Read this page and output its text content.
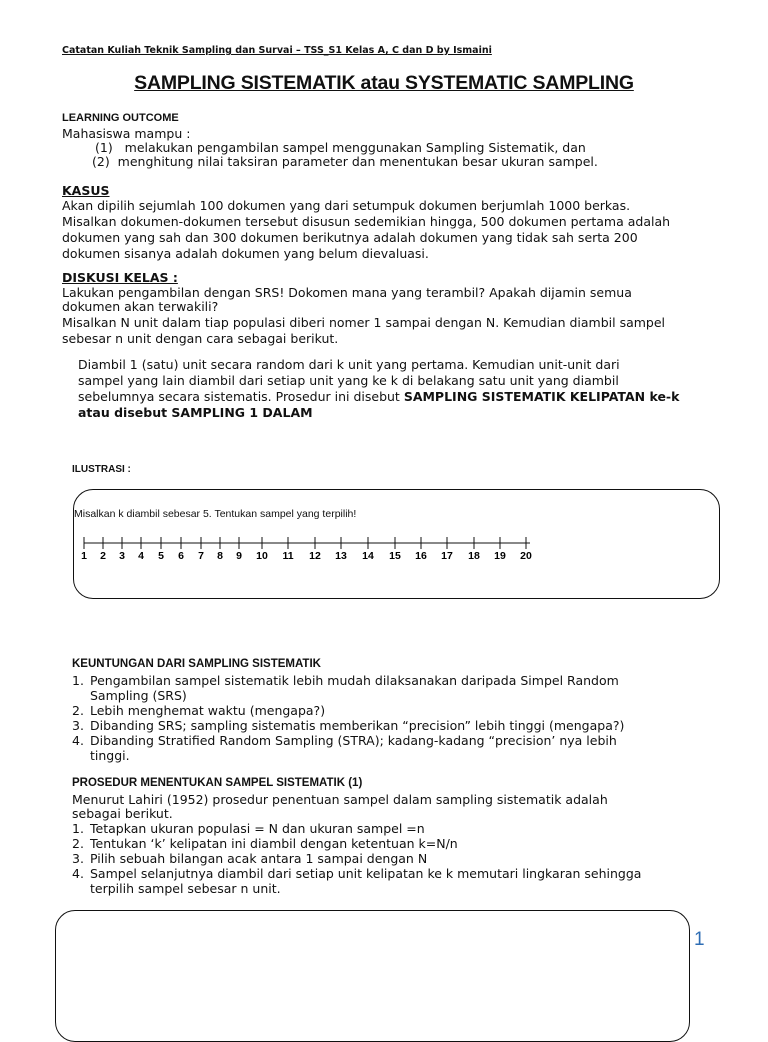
Catatan Kuliah Teknik Sampling dan Survai – TSS_S1 Kelas A, C dan D by Ismaini
SAMPLING SISTEMATIK atau SYSTEMATIC SAMPLING
LEARNING OUTCOME
Mahasiswa mampu :
(1) melakukan pengambilan sampel menggunakan Sampling Sistematik, dan
(2) menghitung nilai taksiran parameter dan menentukan besar ukuran sampel.
KASUS
Akan dipilih sejumlah 100 dokumen yang dari setumpuk dokumen berjumlah 1000 berkas.
Misalkan dokumen-dokumen tersebut disusun sedemikian hingga, 500 dokumen pertama adalah
dokumen yang sah dan 300 dokumen berikutnya adalah dokumen yang tidak sah serta 200
dokumen sisanya adalah dokumen yang belum dievaluasi.
DISKUSI KELAS :
Lakukan pengambilan dengan SRS! Dokomen mana yang terambil? Apakah dijamin semua
dokumen akan terwakili?
Misalkan N unit dalam tiap populasi diberi nomer 1 sampai dengan N. Kemudian diambil sampel
sebesar n unit dengan cara sebagai berikut.
Diambil 1 (satu) unit secara random dari k unit yang pertama. Kemudian unit-unit dari
sampel yang lain diambil dari setiap unit yang ke k di belakang satu unit yang diambil
sebelumnya secara sistematis. Prosedur ini disebut SAMPLING SISTEMATIK KELIPATAN ke-k
atau disebut SAMPLING 1 DALAM
ILUSTRASI :
Misalkan k diambil sebesar 5. Tentukan sampel yang terpilih!
1 2 3 4 5 6 7 8 9 10 11 12 13 14 15 16 17 18 19 20
KEUNTUNGAN DARI SAMPLING SISTEMATIK
1. Pengambilan sampel sistematik lebih mudah dilaksanakan daripada Simpel Random
Sampling (SRS)
2. Lebih menghemat waktu (mengapa?)
3. Dibanding SRS; sampling sistematis memberikan “precision” lebih tinggi (mengapa?)
4. Dibanding Stratified Random Sampling (STRA); kadang-kadang “precision’ nya lebih
tinggi.
PROSEDUR MENENTUKAN SAMPEL SISTEMATIK (1)
Menurut Lahiri (1952) prosedur penentuan sampel dalam sampling sistematik adalah
sebagai berikut.
1. Tetapkan ukuran populasi = N dan ukuran sampel =n
2. Tentukan ‘k’ kelipatan ini diambil dengan ketentuan k=N/n
3. Pilih sebuah bilangan acak antara 1 sampai dengan N
4. Sampel selanjutnya diambil dari setiap unit kelipatan ke k memutari lingkaran sehingga
terpilih sampel sebesar n unit.
1
